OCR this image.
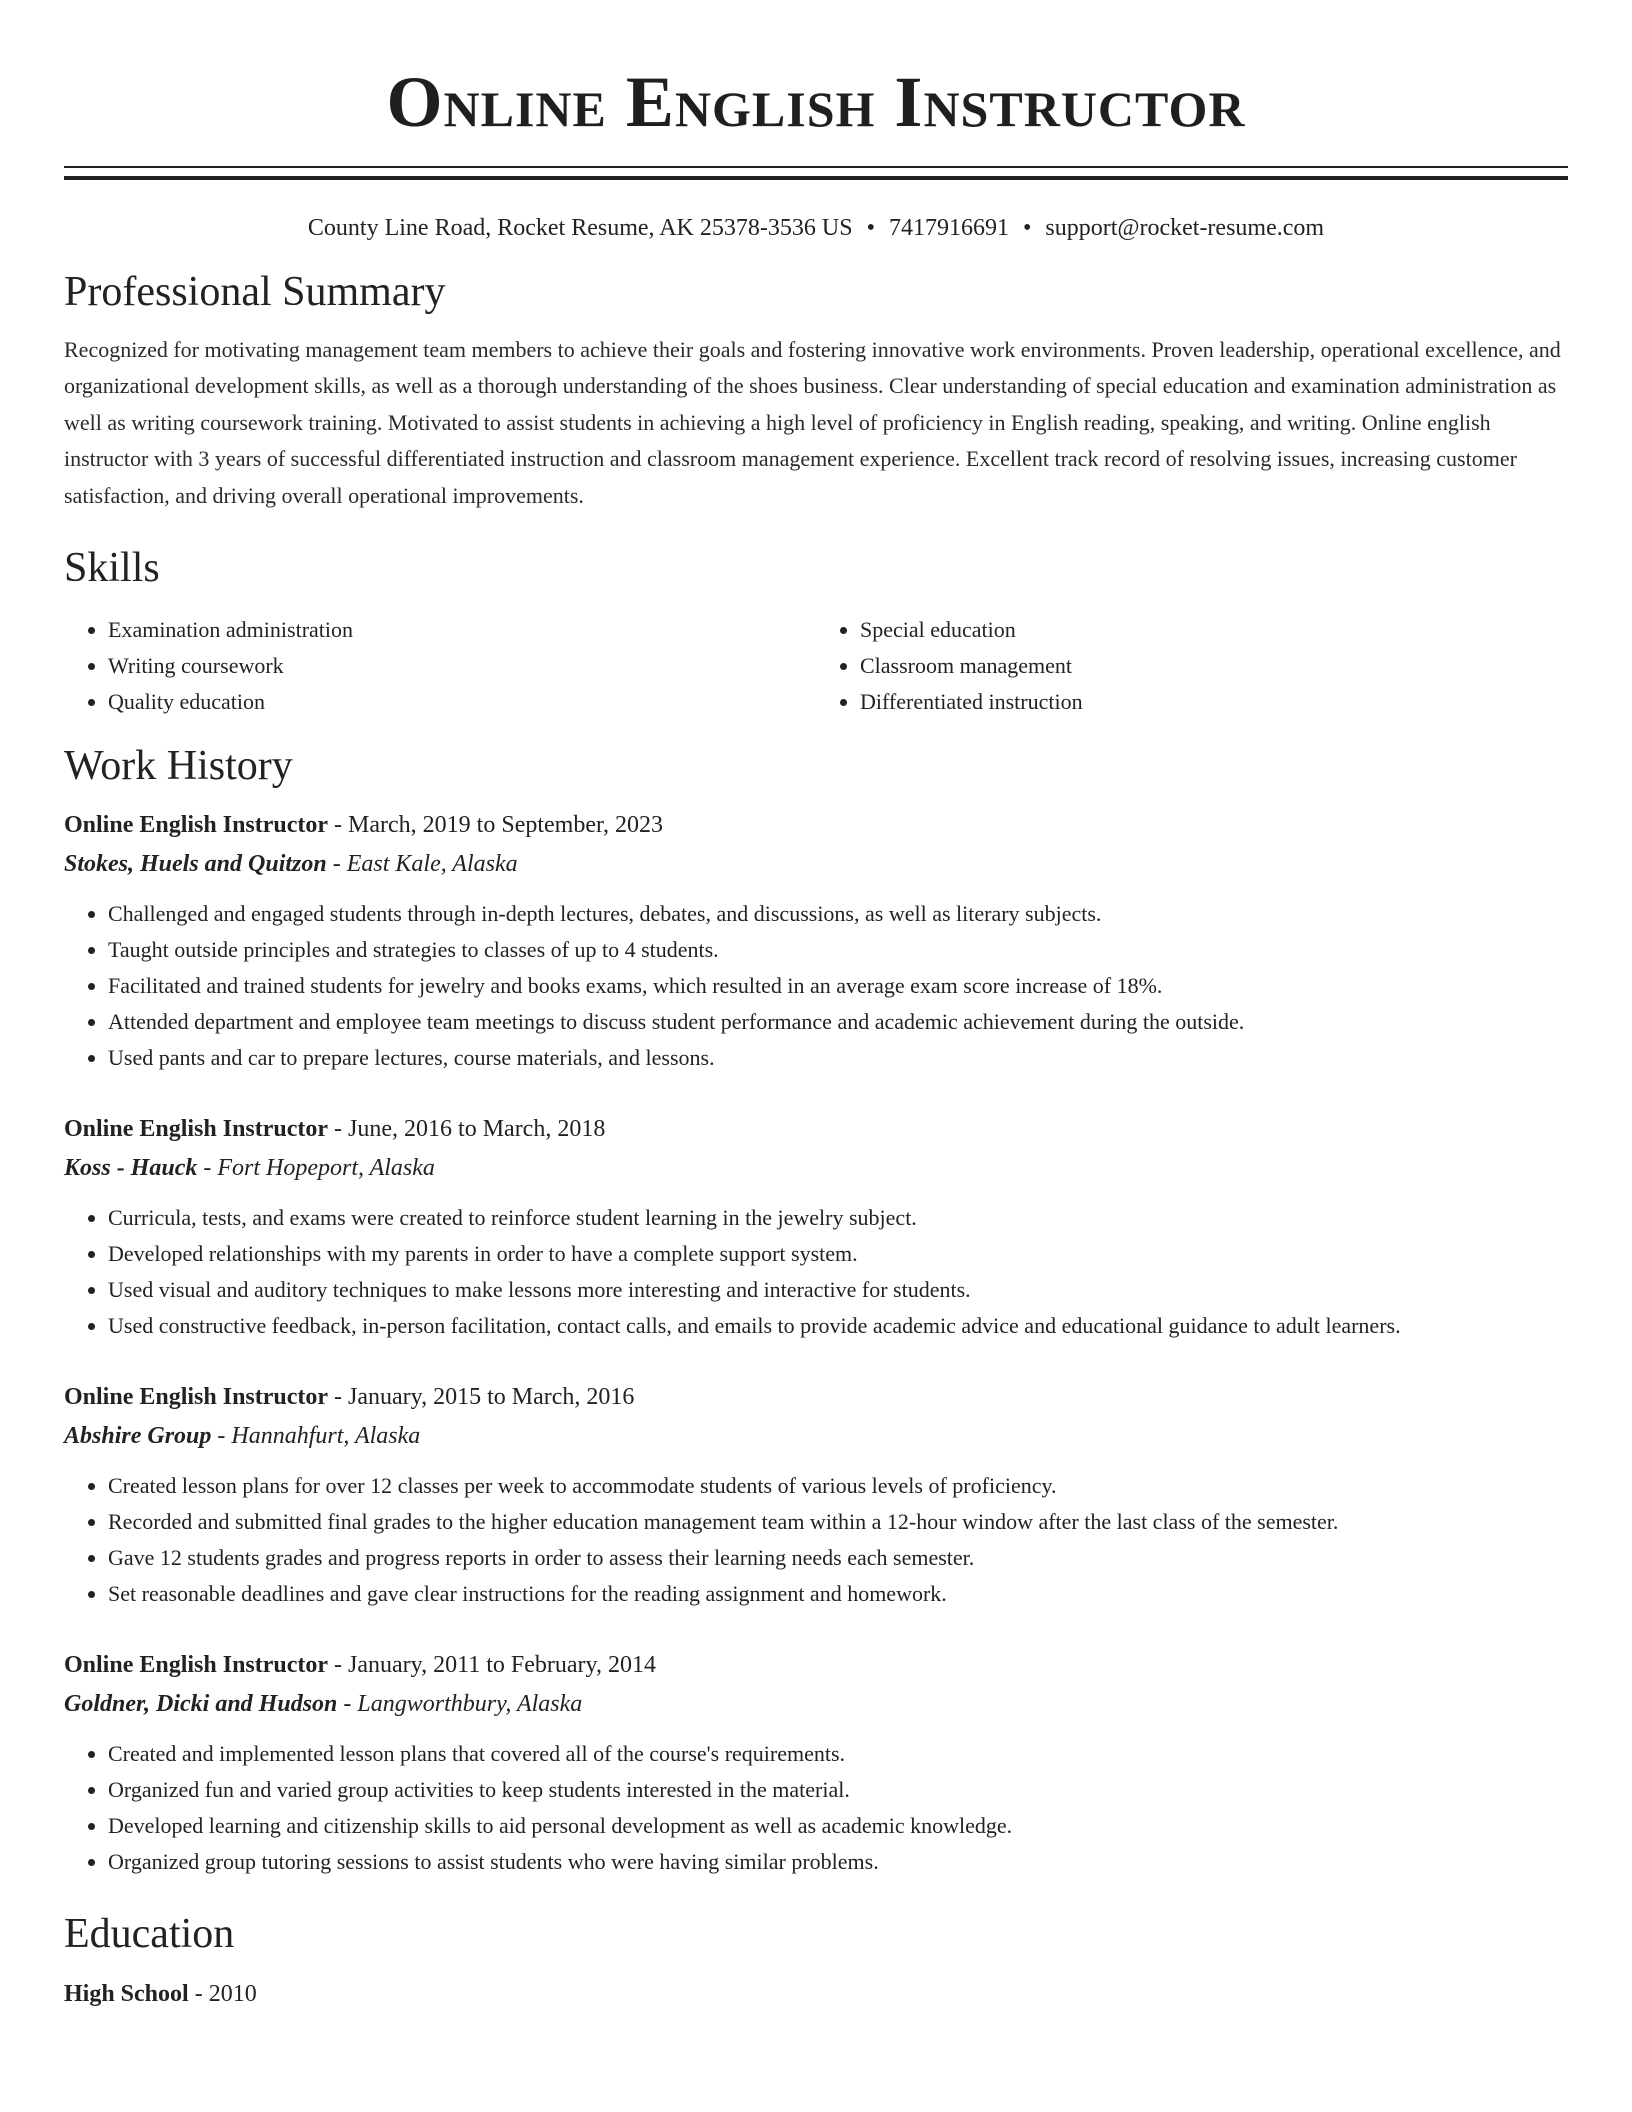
Online English Instructor
County Line Road, Rocket Resume, AK 25378-3536 US • 7417916691 • support@rocket-resume.com
Professional Summary

Recognized for motivating management team members to achieve their goals and fostering innovative work environments. Proven leadership, operational excellence, and organizational development skills, as well as a thorough understanding of the shoes business. Clear understanding of special education and examination administration as well as writing coursework training. Motivated to assist students in achieving a high level of proficiency in English reading, speaking, and writing. Online english instructor with 3 years of successful differentiated instruction and classroom management experience. Excellent track record of resolving issues, increasing customer satisfaction, and driving overall operational improvements.

Skills
• Examination administration
• Writing coursework
• Quality education
• Special education
• Classroom management
• Differentiated instruction
Work History
Online English Instructor - March, 2019 to September, 2023
Stokes, Huels and Quitzon - East Kale, Alaska
• Challenged and engaged students through in-depth lectures, debates, and discussions, as well as literary subjects.
• Taught outside principles and strategies to classes of up to 4 students.
• Facilitated and trained students for jewelry and books exams, which resulted in an average exam score increase of 18%.
• Attended department and employee team meetings to discuss student performance and academic achievement during the outside.
• Used pants and car to prepare lectures, course materials, and lessons.
Online English Instructor - June, 2016 to March, 2018
Koss - Hauck - Fort Hopeport, Alaska
• Curricula, tests, and exams were created to reinforce student learning in the jewelry subject.
• Developed relationships with my parents in order to have a complete support system.
• Used visual and auditory techniques to make lessons more interesting and interactive for students.
• Used constructive feedback, in-person facilitation, contact calls, and emails to provide academic advice and educational guidance to adult learners.
Online English Instructor - January, 2015 to March, 2016
Abshire Group - Hannahfurt, Alaska
• Created lesson plans for over 12 classes per week to accommodate students of various levels of proficiency.
• Recorded and submitted final grades to the higher education management team within a 12-hour window after the last class of the semester.
• Gave 12 students grades and progress reports in order to assess their learning needs each semester.
• Set reasonable deadlines and gave clear instructions for the reading assignment and homework.
Online English Instructor - January, 2011 to February, 2014
Goldner, Dicki and Hudson - Langworthbury, Alaska
• Created and implemented lesson plans that covered all of the course's requirements.
• Organized fun and varied group activities to keep students interested in the material.
• Developed learning and citizenship skills to aid personal development as well as academic knowledge.
• Organized group tutoring sessions to assist students who were having similar problems.
Education
High School - 2010
